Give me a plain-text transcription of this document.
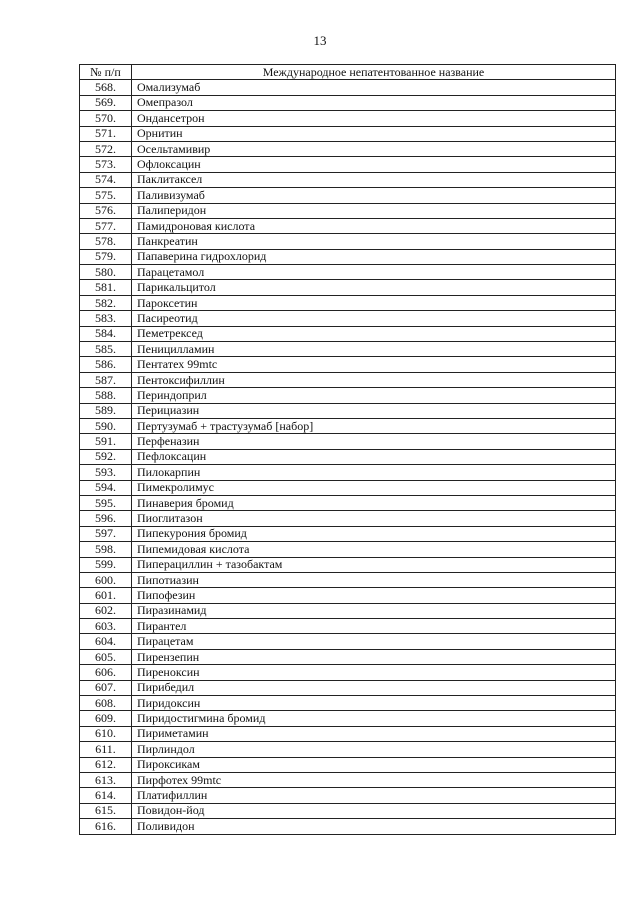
13
№ п/п	Международное непатентованное название
568.	Омализумаб
569.	Омепразол
570.	Ондансетрон
571.	Орнитин
572.	Осельтамивир
573.	Офлоксацин
574.	Паклитаксел
575.	Паливизумаб
576.	Палиперидон
577.	Памидроновая кислота
578.	Панкреатин
579.	Папаверина гидрохлорид
580.	Парацетамол
581.	Парикальцитол
582.	Пароксетин
583.	Пасиреотид
584.	Пеметрексед
585.	Пеницилламин
586.	Пентатех 99mtc
587.	Пентоксифиллин
588.	Периндоприл
589.	Перициазин
590.	Пертузумаб + трастузумаб [набор]
591.	Перфеназин
592.	Пефлоксацин
593.	Пилокарпин
594.	Пимекролимус
595.	Пинаверия бромид
596.	Пиоглитазон
597.	Пипекурония бромид
598.	Пипемидовая кислота
599.	Пиперациллин + тазобактам
600.	Пипотиазин
601.	Пипофезин
602.	Пиразинамид
603.	Пирантел
604.	Пирацетам
605.	Пирензепин
606.	Пиреноксин
607.	Пирибедил
608.	Пиридоксин
609.	Пиридостигмина бромид
610.	Пириметамин
611.	Пирлиндол
612.	Пироксикам
613.	Пирфотех 99mtc
614.	Платифиллин
615.	Повидон-йод
616.	Поливидон
